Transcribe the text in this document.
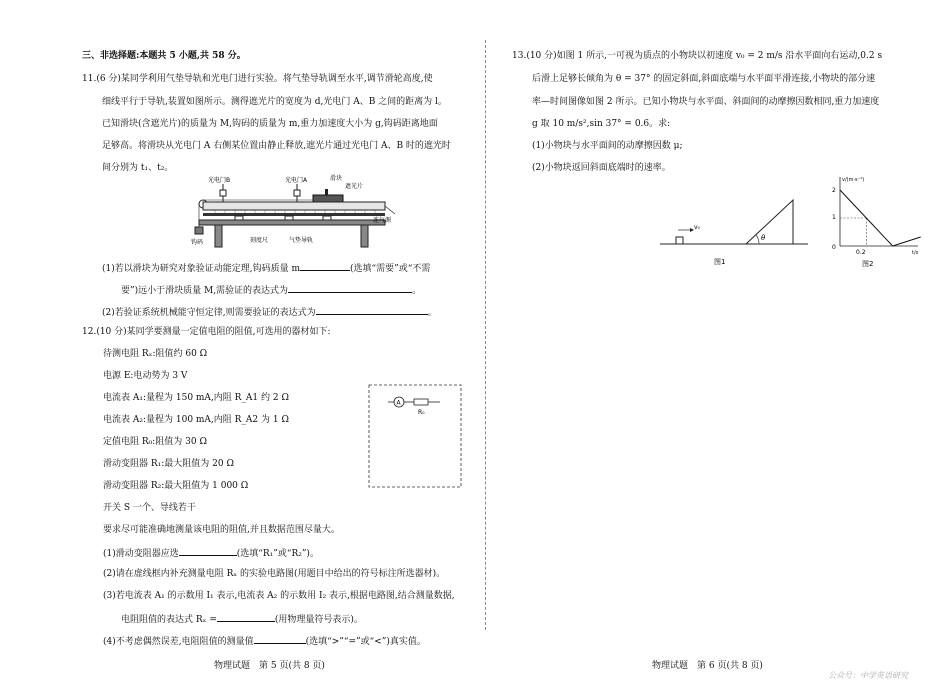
三、非选择题:本题共 5 小题,共 58 分。
11.(6 分)某同学利用气垫导轨和光电门进行实验。将气垫导轨调至水平,调节滑轮高度,使
细线平行于导轨,装置如图所示。测得遮光片的宽度为 d,光电门 A、B 之间的距离为 l。
已知滑块(含遮光片)的质量为 M,钩码的质量为 m,重力加速度大小为 g,钩码距离地面
足够高。将滑块从光电门 A 右侧某位置由静止释放,遮光片通过光电门 A、B 时的遮光时
间分别为 t₁、t₂。
光电门B	光电门A	滑块
遮光片
钩码
连气源
刻度尺	气垫导轨
(1)若以滑块为研究对象验证动能定理,钩码质量 m	(选填“需要”或“不需
要”)远小于滑块质量 M,需验证的表达式为	。
(2)若验证系统机械能守恒定律,则需要验证的表达式为	。
12.(10 分)某同学要测量一定值电阻的阻值,可选用的器材如下:
待测电阻 Rₓ:阻值约 60 Ω
电源 E:电动势为 3 V
电流表 A₁:量程为 150 mA,内阻 R_A1 约 2 Ω
电流表 A₂:量程为 100 mA,内阻 R_A2 为 1 Ω
定值电阻 R₀:阻值为 30 Ω
滑动变阻器 R₁:最大阻值为 20 Ω
滑动变阻器 R₂:最大阻值为 1 000 Ω
开关 S 一个、导线若干
A
R₀
要求尽可能准确地测量该电阻的阻值,并且数据范围尽量大。
(1)滑动变阻器应选	(选填“R₁”或“R₂”)。
(2)请在虚线框内补充测量电阻 Rₓ 的实验电路图(用题目中给出的符号标注所选器材)。
(3)若电流表 A₁ 的示数用 I₁ 表示,电流表 A₂ 的示数用 I₂ 表示,根据电路图,结合测量数据,
电阻阻值的表达式 Rₓ =	(用物理量符号表示)。
(4)不考虑偶然误差,电阻阻值的测量值	(选填“>”“=”或“<”)真实值。
物理试题　第 5 页(共 8 页)
13.(10 分)如图 1 所示,一可视为质点的小物块以初速度 v₀ = 2 m/s 沿水平面向右运动,0.2 s
后滑上足够长倾角为 θ = 37° 的固定斜面,斜面底端与水平面平滑连接,小物块的部分速
率—时间图像如图 2 所示。已知小物块与水平面、斜面间的动摩擦因数相同,重力加速度
g 取 10 m/s²,sin 37° = 0.6。求:
(1)小物块与水平面间的动摩擦因数 μ;
(2)小物块返回斜面底端时的速率。
v₀
θ
图1
v/(m·s⁻¹)
t/s
2
1
0
0.2
图2
物理试题　第 6 页(共 8 页)
公众号：中学英语研究
